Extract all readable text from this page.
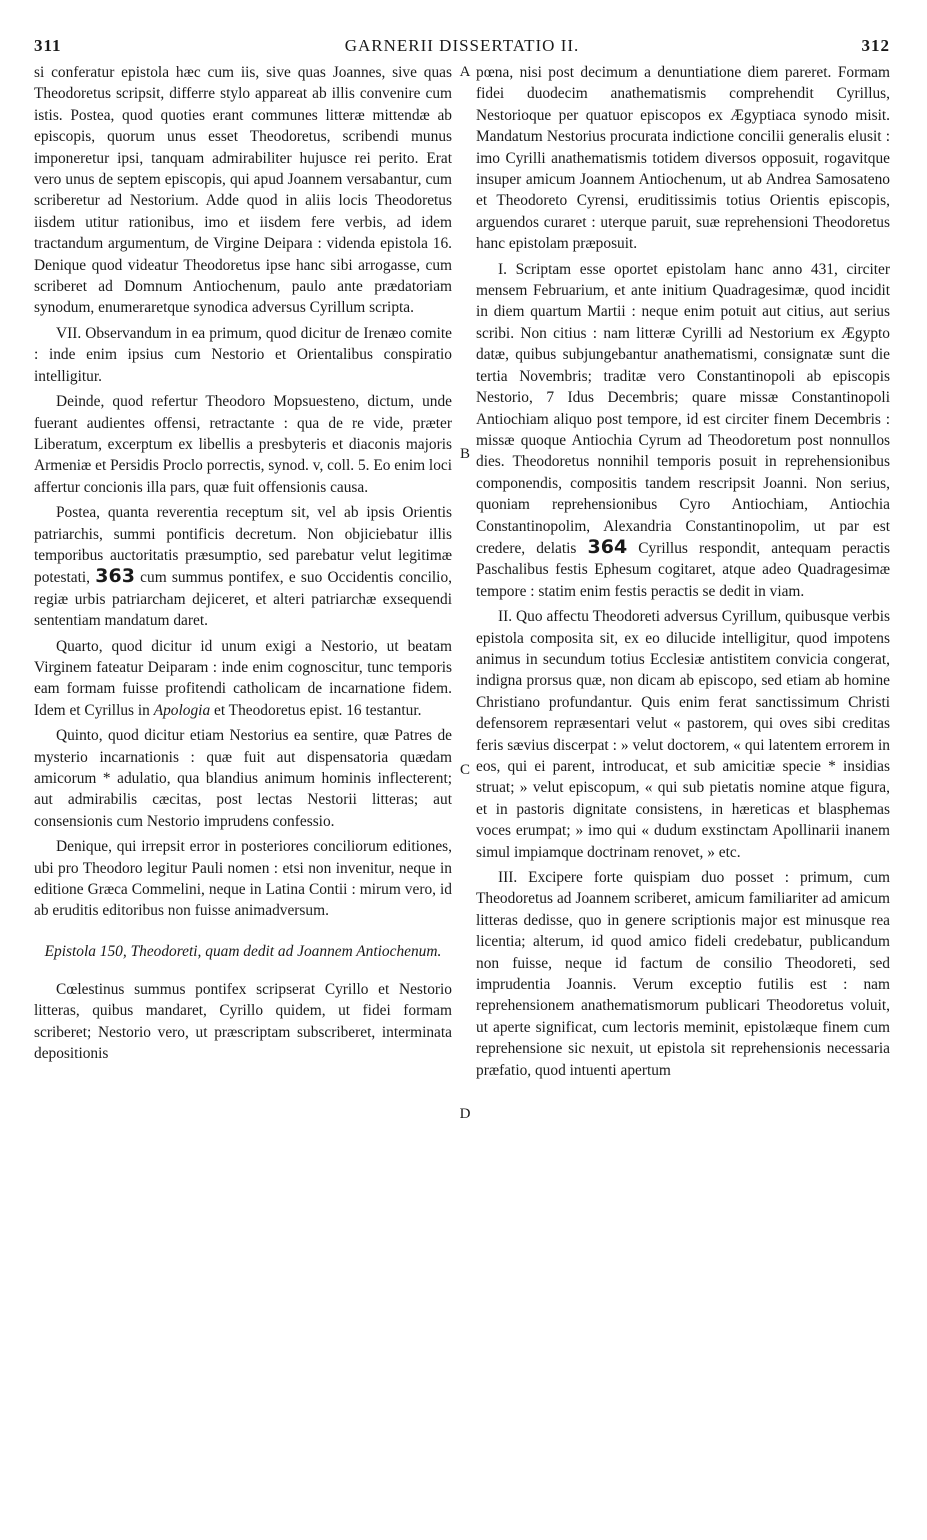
311	GARNERII DISSERTATIO II.	312
A
B
C
D

si conferatur epistola hæc cum iis, sive quas Joannes, sive quas Theodoretus scripsit, differre stylo appareat ab illis convenire cum istis. Postea, quod quoties erant communes litteræ mittendæ ab episcopis, quorum unus esset Theodoretus, scribendi munus imponeretur ipsi, tanquam admirabiliter hujusce rei perito. Erat vero unus de septem episcopis, qui apud Joannem versabantur, cum scriberetur ad Nestorium. Adde quod in aliis locis Theodoretus iisdem utitur rationibus, imo et iisdem fere verbis, ad idem tractandum argumentum, de Virgine Deipara : videnda epistola 16. Denique quod videatur Theodoretus ipse hanc sibi arrogasse, cum scriberet ad Domnum Antiochenum, paulo ante prædatoriam synodum, enumeraretque synodica adversus Cyrillum scripta.

VII. Observandum in ea primum, quod dicitur de Irenæo comite : inde enim ipsius cum Nestorio et Orientalibus conspiratio intelligitur.

Deinde, quod refertur Theodoro Mopsuesteno, dictum, unde fuerant audientes offensi, retractante : qua de re vide, præter Liberatum, excerptum ex libellis a presbyteris et diaconis majoris Armeniæ et Persidis Proclo porrectis, synod. v, coll. 5. Eo enim loci affertur concionis illa pars, quæ fuit offensionis causa.

Postea, quanta reverentia receptum sit, vel ab ipsis Orientis patriarchis, summi pontificis decretum. Non objiciebatur illis temporibus auctoritatis præsumptio, sed parebatur velut legitimæ potestati, 363 cum summus pontifex, e suo Occidentis concilio, regiæ urbis patriarcham dejiceret, et alteri patriarchæ exsequendi sententiam mandatum daret.

Quarto, quod dicitur id unum exigi a Nestorio, ut beatam Virginem fateatur Deiparam : inde enim cognoscitur, tunc temporis eam formam fuisse profitendi catholicam de incarnatione fidem. Idem et Cyrillus in Apologia et Theodoretus epist. 16 testantur.

Quinto, quod dicitur etiam Nestorius ea sentire, quæ Patres de mysterio incarnationis : quæ fuit aut dispensatoria quædam amicorum * adulatio, qua blandius animum hominis inflecterent; aut admirabilis cæcitas, post lectas Nestorii litteras; aut consensionis cum Nestorio imprudens confessio.

Denique, qui irrepsit error in posteriores conciliorum editiones, ubi pro Theodoro legitur Pauli nomen : etsi non invenitur, neque in editione Græca Commelini, neque in Latina Contii : mirum vero, id ab eruditis editoribus non fuisse animadversum.

Epistola 150, Theodoreti, quam dedit ad Joannem Antiochenum.

Cœlestinus summus pontifex scripserat Cyrillo et Nestorio litteras, quibus mandaret, Cyrillo quidem, ut fidei formam scriberet; Nestorio vero, ut præscriptam subscriberet, interminata depositionis

pœna, nisi post decimum a denuntiatione diem pareret. Formam fidei duodecim anathematismis comprehendit Cyrillus, Nestorioque per quatuor episcopos ex Ægyptiaca synodo misit. Mandatum Nestorius procurata indictione concilii generalis elusit : imo Cyrilli anathematismis totidem diversos opposuit, rogavitque insuper amicum Joannem Antiochenum, ut ab Andrea Samosateno et Theodoreto Cyrensi, eruditissimis totius Orientis episcopis, arguendos curaret : uterque paruit, suæ reprehensioni Theodoretus hanc epistolam præposuit.

I. Scriptam esse oportet epistolam hanc anno 431, circiter mensem Februarium, et ante initium Quadragesimæ, quod incidit in diem quartum Martii : neque enim potuit aut citius, aut serius scribi. Non citius : nam litteræ Cyrilli ad Nestorium ex Ægypto datæ, quibus subjungebantur anathematismi, consignatæ sunt die tertia Novembris; traditæ vero Constantinopoli ab episcopis Nestorio, 7 Idus Decembris; quare missæ Constantinopoli Antiochiam aliquo post tempore, id est circiter finem Decembris : missæ quoque Antiochia Cyrum ad Theodoretum post nonnullos dies. Theodoretus nonnihil temporis posuit in reprehensionibus componendis, compositis tandem rescripsit Joanni. Non serius, quoniam reprehensionibus Cyro Antiochiam, Antiochia Constantinopolim, Alexandria Constantinopolim, ut par est credere, delatis 364 Cyrillus respondit, antequam peractis Paschalibus festis Ephesum cogitaret, atque adeo Quadragesimæ tempore : statim enim festis peractis se dedit in viam.

II. Quo affectu Theodoreti adversus Cyrillum, quibusque verbis epistola composita sit, ex eo dilucide intelligitur, quod impotens animus in secundum totius Ecclesiæ antistitem convicia congerat, indigna prorsus quæ, non dicam ab episcopo, sed etiam ab homine Christiano profundantur. Quis enim ferat sanctissimum Christi defensorem repræsentari velut « pastorem, qui oves sibi creditas feris sævius discerpat : » velut doctorem, « qui latentem errorem in eos, qui ei parent, introducat, et sub amicitiæ specie * insidias struat; » velut episcopum, « qui sub pietatis nomine atque figura, et in pastoris dignitate consistens, in hæreticas et blasphemas voces erumpat; » imo qui « dudum exstinctam Apollinarii inanem simul impiamque doctrinam renovet, » etc.

III. Excipere forte quispiam duo posset : primum, cum Theodoretus ad Joannem scriberet, amicum familiariter ad amicum litteras dedisse, quo in genere scriptionis major est minusque rea licentia; alterum, id quod amico fideli credebatur, publicandum non fuisse, neque id factum de consilio Theodoreti, sed imprudentia Joannis. Verum exceptio futilis est : nam reprehensionem anathematismorum publicari Theodoretus voluit, ut aperte significat, cum lectoris meminit, epistolæque finem cum reprehensione sic nexuit, ut epistola sit reprehensionis necessaria præfatio, quod intuenti apertum
